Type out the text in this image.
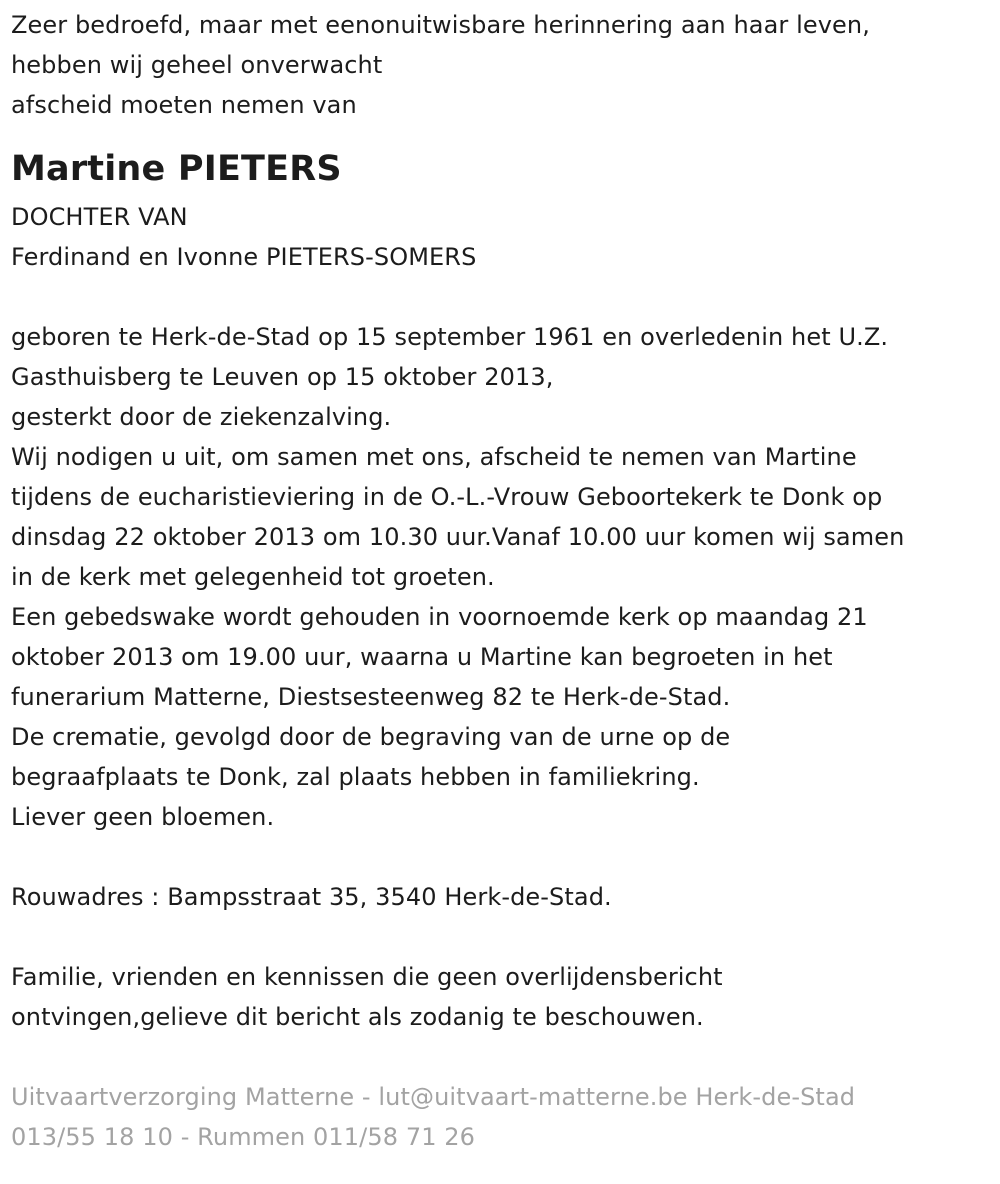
Zeer bedroefd, maar met eenonuitwisbare herinnering aan haar leven,
hebben wij geheel onverwacht
afscheid moeten nemen van
Martine PIETERS
DOCHTER VAN
Ferdinand en Ivonne PIETERS-SOMERS
geboren te Herk-de-Stad op 15 september 1961 en overledenin het U.Z.
Gasthuisberg te Leuven op 15 oktober 2013,
gesterkt door de ziekenzalving.
Wij nodigen u uit, om samen met ons, afscheid te nemen van Martine
tijdens de eucharistieviering in de O.-L.-Vrouw Geboortekerk te Donk op
dinsdag 22 oktober 2013 om 10.30 uur.Vanaf 10.00 uur komen wij samen
in de kerk met gelegenheid tot groeten.
Een gebedswake wordt gehouden in voornoemde kerk op maandag 21
oktober 2013 om 19.00 uur, waarna u Martine kan begroeten in het
funerarium Matterne, Diestsesteenweg 82 te Herk-de-Stad.
De crematie, gevolgd door de begraving van de urne op de
begraafplaats te Donk, zal plaats hebben in familiekring.
Liever geen bloemen.
Rouwadres : Bampsstraat 35, 3540 Herk-de-Stad.
Familie, vrienden en kennissen die geen overlijdensbericht
ontvingen,gelieve dit bericht als zodanig te beschouwen.
Uitvaartverzorging Matterne - lut@uitvaart-matterne.be Herk-de-Stad
013/55 18 10 - Rummen 011/58 71 26
